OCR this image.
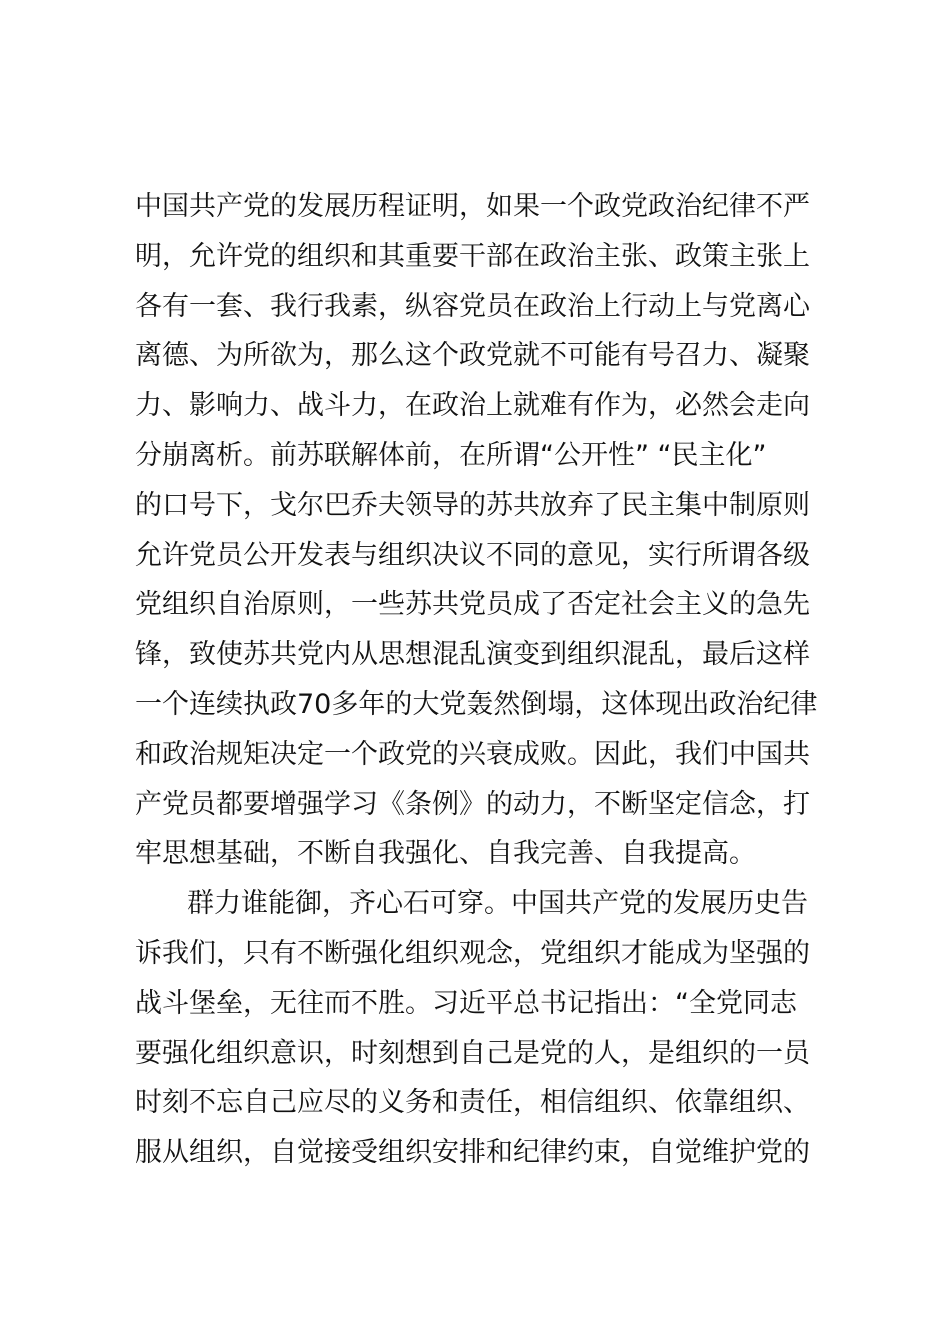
中国共产党的发展历程证明，如果一个政党政治纪律不严
明，允许党的组织和其重要干部在政治主张、政策主张上
各有一套、我行我素，纵容党员在政治上行动上与党离心
离德、为所欲为，那么这个政党就不可能有号召力、凝聚
力、影响力、战斗力，在政治上就难有作为，必然会走向
分崩离析。前苏联解体前，在所谓“公开性” “民主化”
的口号下，戈尔巴乔夫领导的苏共放弃了民主集中制原则
允许党员公开发表与组织决议不同的意见，实行所谓各级
党组织自治原则，一些苏共党员成了否定社会主义的急先
锋，致使苏共党内从思想混乱演变到组织混乱，最后这样
一个连续执政70多年的大党轰然倒塌，这体现出政治纪律
和政治规矩决定一个政党的兴衰成败。因此，我们中国共
产党员都要增强学习《条例》的动力，不断坚定信念，打
牢思想基础，不断自我强化、自我完善、自我提高。
群力谁能御，齐心石可穿。中国共产党的发展历史告
诉我们，只有不断强化组织观念，党组织才能成为坚强的
战斗堡垒，无往而不胜。习近平总书记指出：“全党同志
要强化组织意识，时刻想到自己是党的人，是组织的一员
时刻不忘自己应尽的义务和责任，相信组织、依靠组织、
服从组织，自觉接受组织安排和纪律约束，自觉维护党的
